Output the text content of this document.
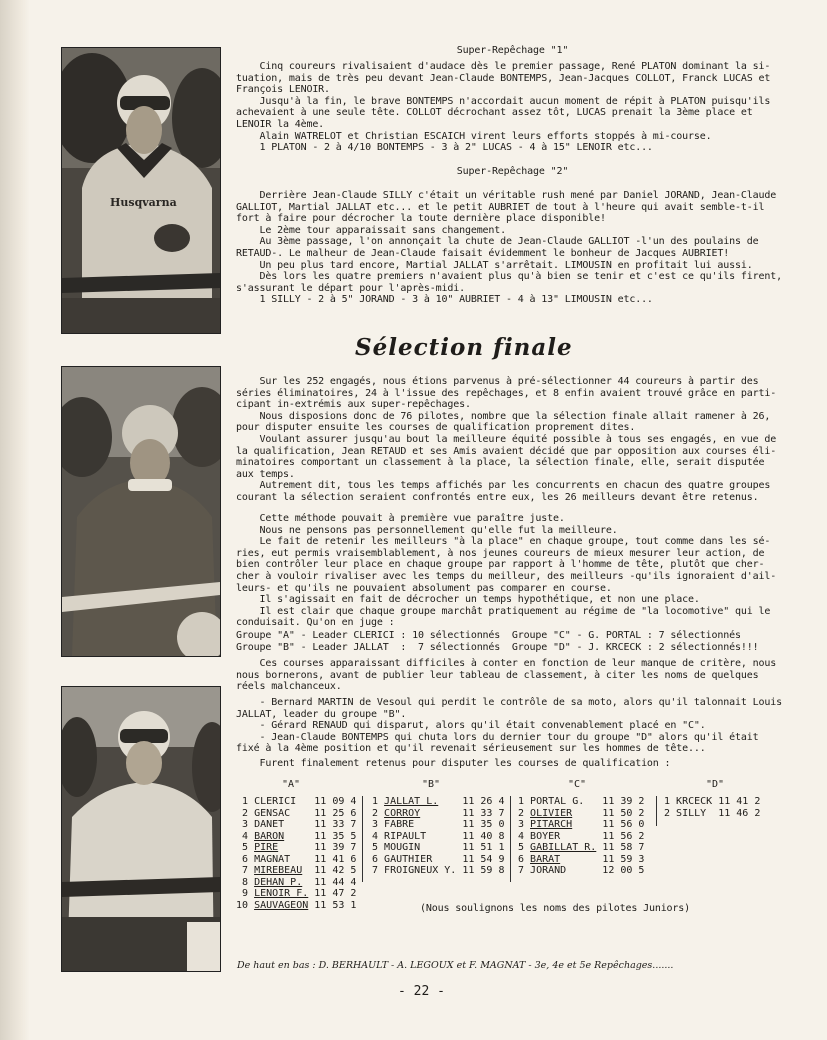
Husqvarna
Super-Repêchage "1"
Cinq coureurs rivalisaient d'audace dès le premier passage, René PLATON dominant la si-
tuation, mais de très peu devant Jean-Claude BONTEMPS, Jean-Jacques COLLOT, Franck LUCAS et
François LENOIR.
Jusqu'à la fin, le brave BONTEMPS n'accordait aucun moment de répit à PLATON puisqu'ils
achevaient à une seule tête. COLLOT décrochant assez tôt, LUCAS prenait la 3ème place et
LENOIR la 4ème.
Alain WATRELOT et Christian ESCAICH virent leurs efforts stoppés à mi-course.
1 PLATON - 2 à 4/10 BONTEMPS - 3 à 2" LUCAS - 4 à 15" LENOIR etc...
Super-Repêchage "2"
Derrière Jean-Claude SILLY c'était un véritable rush mené par Daniel JORAND, Jean-Claude
GALLIOT, Martial JALLAT etc... et le petit AUBRIET de tout à l'heure qui avait semble-t-il
fort à faire pour décrocher la toute dernière place disponible!
Le 2ème tour apparaissait sans changement.
Au 3ème passage, l'on annonçait la chute de Jean-Claude GALLIOT -l'un des poulains de
RETAUD-. Le malheur de Jean-Claude faisait évidemment le bonheur de Jacques AUBRIET!
Un peu plus tard encore, Martial JALLAT s'arrêtait. LIMOUSIN en profitait lui aussi.
Dès lors les quatre premiers n'avaient plus qu'à bien se tenir et c'est ce qu'ils firent,
s'assurant le départ pour l'après-midi.
1 SILLY - 2 à 5" JORAND - 3 à 10" AUBRIET - 4 à 13" LIMOUSIN etc...
Sélection finale
Sur les 252 engagés, nous étions parvenus à pré-sélectionner 44 coureurs à partir des
séries éliminatoires, 24 à l'issue des repêchages, et 8 enfin avaient trouvé grâce en parti-
cipant in-extrémis aux super-repêchages.
Nous disposions donc de 76 pilotes, nombre que la sélection finale allait ramener à 26,
pour disputer ensuite les courses de qualification proprement dites.
Voulant assurer jusqu'au bout la meilleure équité possible à tous ses engagés, en vue de
la qualification, Jean RETAUD et ses Amis avaient décidé que par opposition aux courses éli-
minatoires comportant un classement à la place, la sélection finale, elle, serait disputée
aux temps.
Autrement dit, tous les temps affichés par les concurrents en chacun des quatre groupes
courant la sélection seraient confrontés entre eux, les 26 meilleurs devant être retenus.
Cette méthode pouvait à première vue paraître juste.
Nous ne pensons pas personnellement qu'elle fut la meilleure.
Le fait de retenir les meilleurs "à la place" en chaque groupe, tout comme dans les sé-
ries, eut permis vraisemblablement, à nos jeunes coureurs de mieux mesurer leur action, de
bien contrôler leur place en chaque groupe par rapport à l'homme de tête, plutôt que cher-
cher à vouloir rivaliser avec les temps du meilleur, des meilleurs -qu'ils ignoraient d'ail-
leurs- et qu'ils ne pouvaient absolument pas comparer en course.
Il s'agissait en fait de décrocher un temps hypothétique, et non une place.
Il est clair que chaque groupe marchât pratiquement au régime de "la locomotive" qui le
conduisait. Qu'on en juge :
Groupe "A" - Leader CLERICI : 10 sélectionnés  Groupe "C" - G. PORTAL : 7 sélectionnés
Groupe "B" - Leader JALLAT  :  7 sélectionnés  Groupe "D" - J. KRCECK : 2 sélectionnés!!!
Ces courses apparaissant difficiles à conter en fonction de leur manque de critère, nous
nous bornerons, avant de publier leur tableau de classement, à citer les noms de quelques
réels malchanceux.
- Bernard MARTIN de Vesoul qui perdit le contrôle de sa moto, alors qu'il talonnait Louis
JALLAT, leader du groupe "B".
- Gérard RENAUD qui disparut, alors qu'il était convenablement placé en "C".
- Jean-Claude BONTEMPS qui chuta lors du dernier tour du groupe "D" alors qu'il était
fixé à la 4ème position et qu'il revenait sérieusement sur les hommes de tête...
Furent finalement retenus pour disputer les courses de qualification :
"A"	"B"	"C"	"D"
1 CLERICI 11 09 4
2 GENSAC 11 25 6
3 DANET	11 33 7
4 BARON	11 35 5
5 PIRE	11 39 7
6 MAGNAT 11 41 6
7 MIREBEAU 11 42 5
8 DEHAN P. 11 44 4
9 LENOIR F. 11 47 2
10 SAUVAGEON 11 53 1
1 JALLAT L. 11 26 4
2 CORROY	11 33 7
3 FABRE	11 35 0
4 RIPAULT	11 40 8
5 MOUGIN	11 51 1
6 GAUTHIER	11 54 9
7 FROIGNEUX Y. 11 59 8
1 PORTAL G. 11 39 2
2 OLIVIER	11 50 2
3 PITARCH	11 56 0
4 BOYER	11 56 2
5 GABILLAT R. 11 58 7
6 BARAT	11 59 3
7 JORAND	12 00 5
1 KRCECK 11 41 2
2 SILLY 11 46 2
(Nous soulignons les noms des pilotes Juniors)
De haut en bas : D. BERHAULT - A. LEGOUX et F. MAGNAT - 3e, 4e et 5e Repêchages.......
- 22 -
